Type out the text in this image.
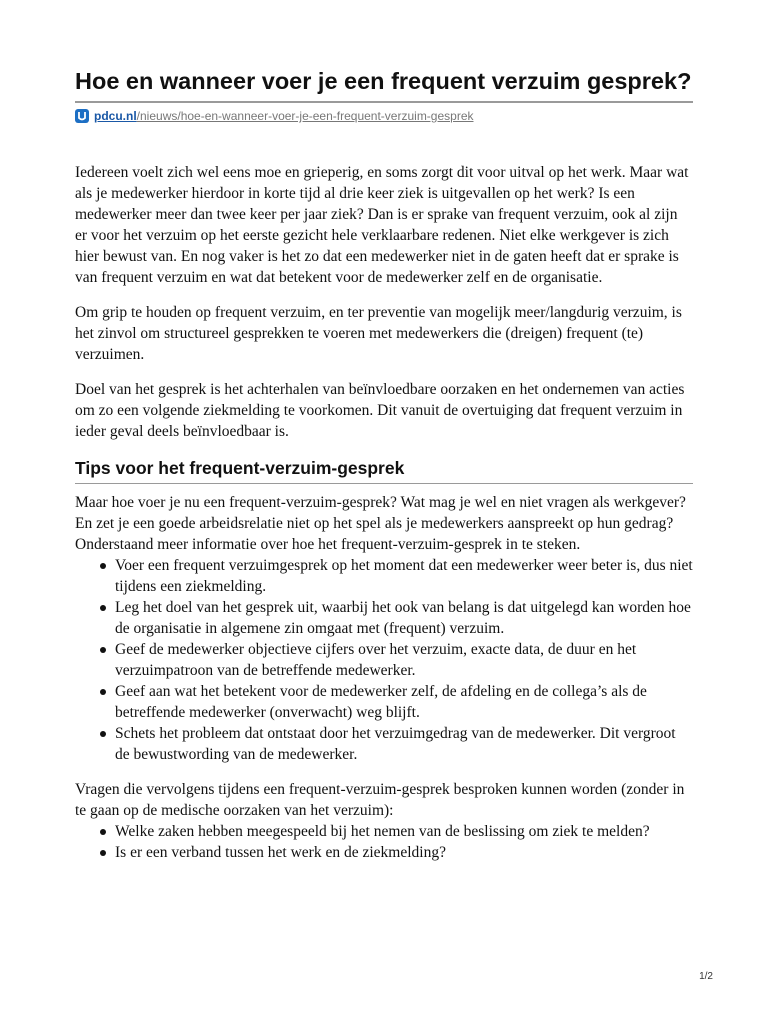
Hoe en wanneer voer je een frequent verzuim gesprek?
pdcu.nl /nieuws/hoe-en-wanneer-voer-je-een-frequent-verzuim-gesprek

Iedereen voelt zich wel eens moe en grieperig, en soms zorgt dit voor uitval op het werk. Maar wat als je medewerker hierdoor in korte tijd al drie keer ziek is uitgevallen op het werk? Is een medewerker meer dan twee keer per jaar ziek? Dan is er sprake van frequent verzuim, ook al zijn er voor het verzuim op het eerste gezicht hele verklaarbare redenen. Niet elke werkgever is zich hier bewust van. En nog vaker is het zo dat een medewerker niet in de gaten heeft dat er sprake is van frequent verzuim en wat dat betekent voor de medewerker zelf en de organisatie.

Om grip te houden op frequent verzuim, en ter preventie van mogelijk meer/langdurig verzuim, is het zinvol om structureel gesprekken te voeren met medewerkers die (dreigen) frequent (te) verzuimen.

Doel van het gesprek is het achterhalen van beïnvloedbare oorzaken en het ondernemen van acties om zo een volgende ziekmelding te voorkomen. Dit vanuit de overtuiging dat frequent verzuim in ieder geval deels beïnvloedbaar is.

Tips voor het frequent-verzuim-gesprek

Maar hoe voer je nu een frequent-verzuim-gesprek? Wat mag je wel en niet vragen als werkgever? En zet je een goede arbeidsrelatie niet op het spel als je medewerkers aanspreekt op hun gedrag? Onderstaand meer informatie over hoe het frequent-verzuim-gesprek in te steken.

Voer een frequent verzuimgesprek op het moment dat een medewerker weer beter is, dus niet tijdens een ziekmelding.
Leg het doel van het gesprek uit, waarbij het ook van belang is dat uitgelegd kan worden hoe de organisatie in algemene zin omgaat met (frequent) verzuim.
Geef de medewerker objectieve cijfers over het verzuim, exacte data, de duur en het verzuimpatroon van de betreffende medewerker.
Geef aan wat het betekent voor de medewerker zelf, de afdeling en de collega’s als de betreffende medewerker (onverwacht) weg blijft.
Schets het probleem dat ontstaat door het verzuimgedrag van de medewerker. Dit vergroot de bewustwording van de medewerker.

Vragen die vervolgens tijdens een frequent-verzuim-gesprek besproken kunnen worden (zonder in te gaan op de medische oorzaken van het verzuim):

Welke zaken hebben meegespeeld bij het nemen van de beslissing om ziek te melden?
Is er een verband tussen het werk en de ziekmelding?
1/2
